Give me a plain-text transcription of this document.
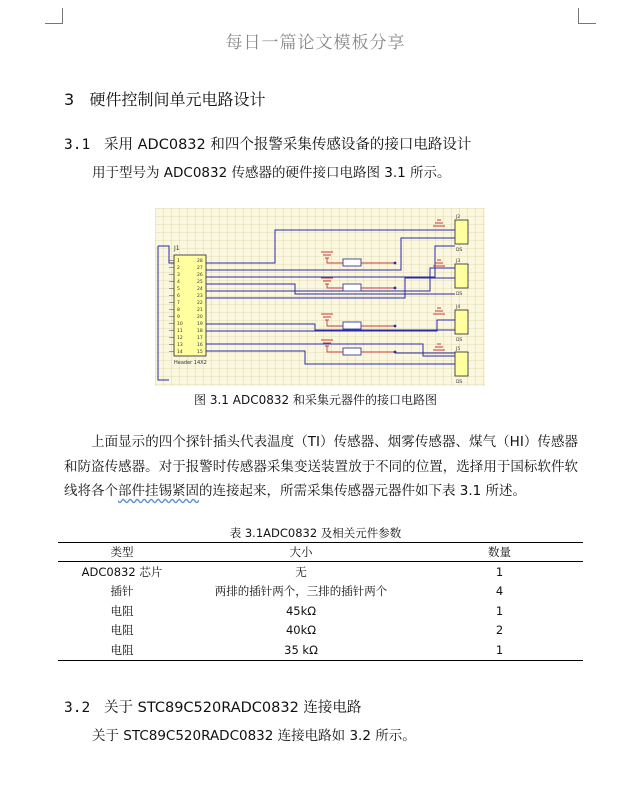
每日一篇论文模板分享
3 硬件控制间单元电路设计
3.1 采用 ADC0832 和四个报警采集传感设备的接口电路设计
用于型号为 ADC0832 传感器的硬件接口电路图 3.1 所示。
J1
1
2
3
4
5
6
7
8
9
10
11
12
13
14
28
27
26
25
24
23
22
21
20
19
18
17
16
15
Header 14X2
J2
DS
J3
DS
J4
DS
J5
DS
图 3.1 ADC0832 和采集元器件的接口电路图
上面显示的四个探针插头代表温度（TI）传感器、烟雾传感器、煤气（HI）传感器和防盗传感器。对于报警时传感器采集变送装置放于不同的位置，选择用于国标软件软线将各个部件挂锡紧固的连接起来，所需采集传感器元器件如下表 3.1 所述。
表 3.1ADC0832 及相关元件参数
类型	大小	数量
ADC0832 芯片	无	1
插针	两排的插针两个，三排的插针两个	4
电阻	45kΩ	1
电阻	40kΩ	2
电阻	35 kΩ	1
3.2 关于 STC89C520RADC0832 连接电路
关于 STC89C520RADC0832 连接电路如 3.2 所示。
